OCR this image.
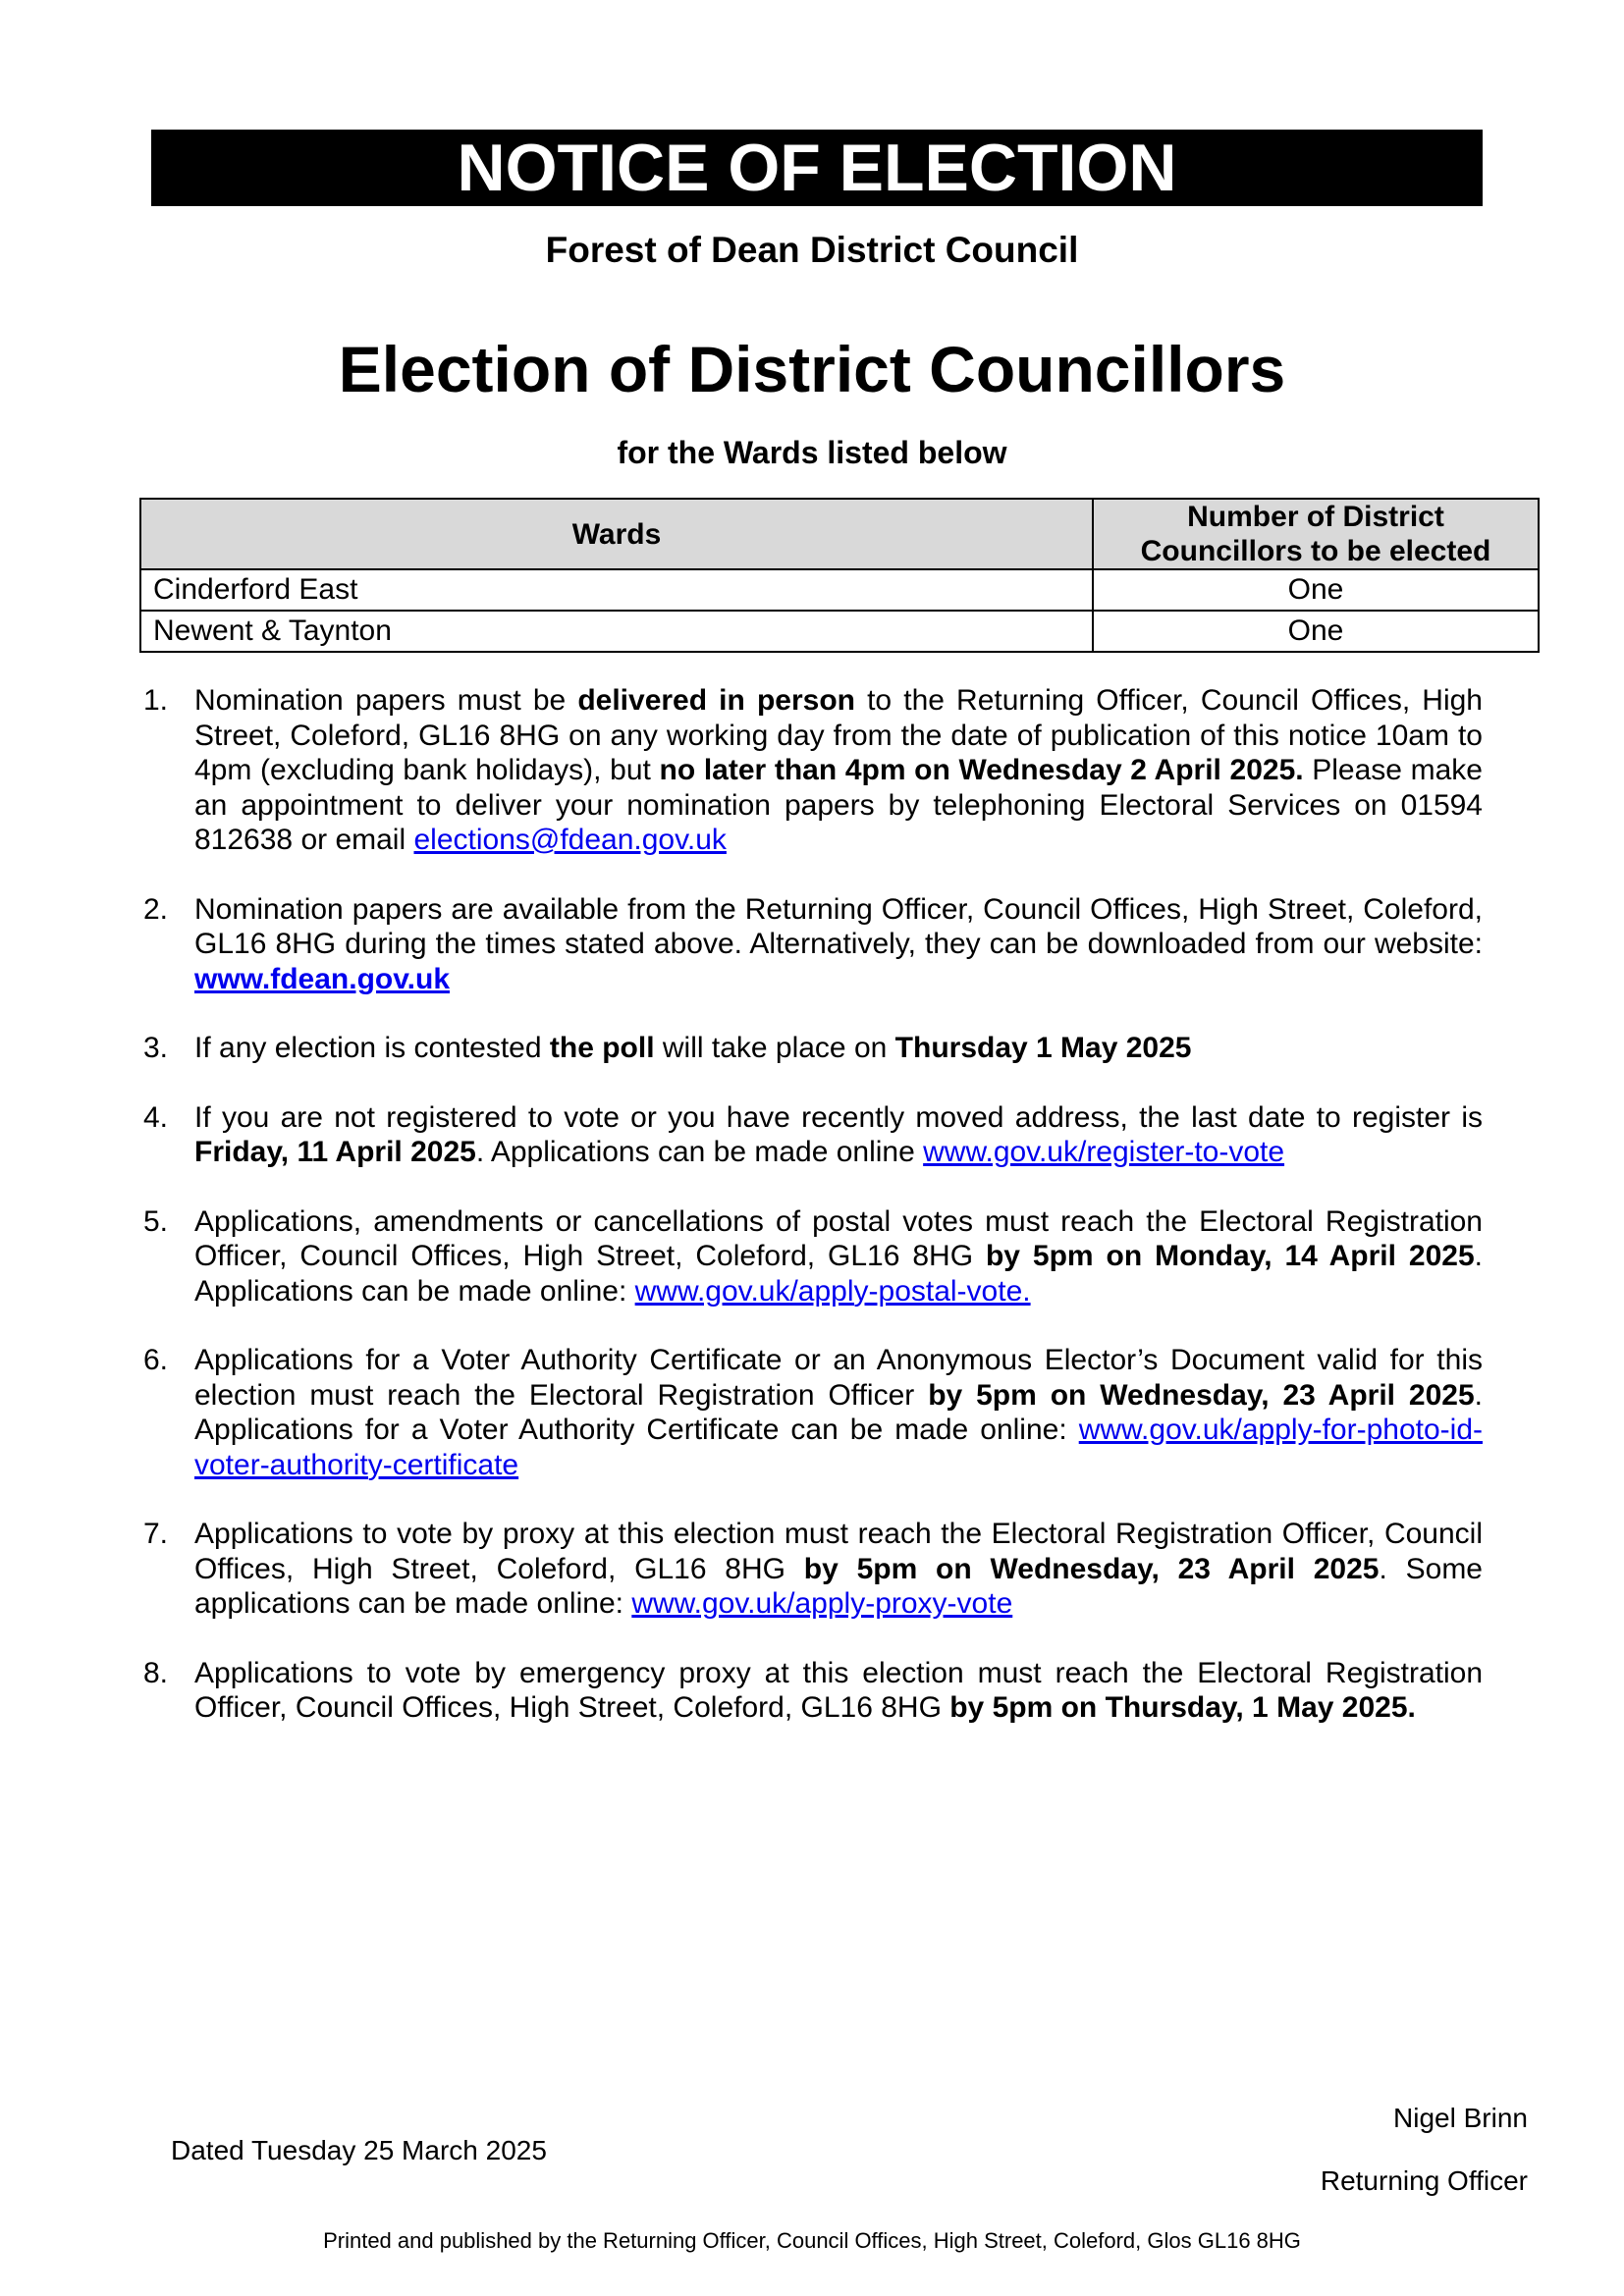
NOTICE OF ELECTION
Forest of Dean District Council
Election of District Councillors
for the Wards listed below
Wards	Number of District Councillors to be elected
Cinderford East	One
Newent & Taynton	One
1. Nomination papers must be delivered in person to the Returning Officer, Council Offices, High Street, Coleford, GL16 8HG on any working day from the date of publication of this notice 10am to 4pm (excluding bank holidays), but no later than 4pm on Wednesday 2 April 2025. Please make an appointment to deliver your nomination papers by telephoning Electoral Services on 01594 812638 or email elections@fdean.gov.uk
2. Nomination papers are available from the Returning Officer, Council Offices, High Street, Coleford, GL16 8HG during the times stated above. Alternatively, they can be downloaded from our website: www.fdean.gov.uk
3. If any election is contested the poll will take place on Thursday 1 May 2025
4. If you are not registered to vote or you have recently moved address, the last date to register is Friday, 11 April 2025. Applications can be made online www.gov.uk/register-to-vote
5. Applications, amendments or cancellations of postal votes must reach the Electoral Registration Officer, Council Offices, High Street, Coleford, GL16 8HG by 5pm on Monday, 14 April 2025. Applications can be made online: www.gov.uk/apply-postal-vote.
6. Applications for a Voter Authority Certificate or an Anonymous Elector’s Document valid for this election must reach the Electoral Registration Officer by 5pm on Wednesday, 23 April 2025. Applications for a Voter Authority Certificate can be made online: www.gov.uk/apply-for-photo-id-voter-authority-certificate
7. Applications to vote by proxy at this election must reach the Electoral Registration Officer, Council Offices, High Street, Coleford, GL16 8HG by 5pm on Wednesday, 23 April 2025. Some applications can be made online: www.gov.uk/apply-proxy-vote
8. Applications to vote by emergency proxy at this election must reach the Electoral Registration Officer, Council Offices, High Street, Coleford, GL16 8HG by 5pm on Thursday, 1 May 2025.
Dated Tuesday 25 March 2025
Nigel Brinn
Returning Officer
Printed and published by the Returning Officer, Council Offices, High Street, Coleford, Glos GL16 8HG
